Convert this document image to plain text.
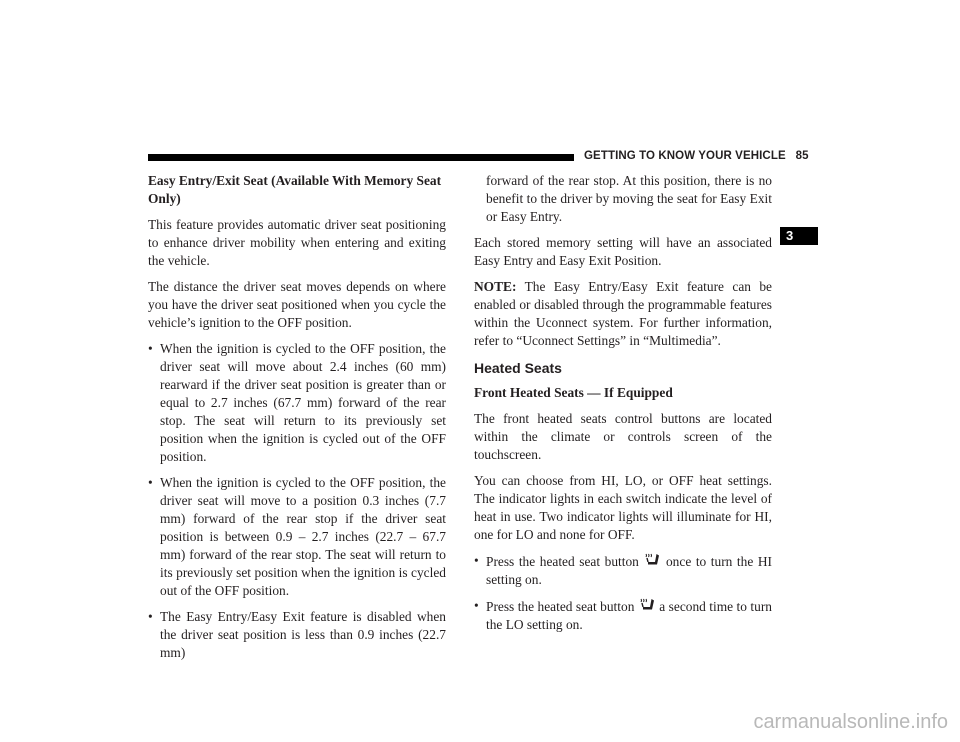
GETTING TO KNOW YOUR VEHICLE 85
3
Easy Entry/Exit Seat (Available With Memory Seat Only)

This feature provides automatic driver seat positioning to enhance driver mobility when entering and exiting the vehicle.

The distance the driver seat moves depends on where you have the driver seat positioned when you cycle the vehicle’s ignition to the OFF position.

• When the ignition is cycled to the OFF position, the driver seat will move about 2.4 inches (60 mm) rearward if the driver seat position is greater than or equal to 2.7 inches (67.7 mm) forward of the rear stop. The seat will return to its previously set position when the ignition is cycled out of the OFF position.
• When the ignition is cycled to the OFF position, the driver seat will move to a position 0.3 inches (7.7 mm) forward of the rear stop if the driver seat position is between 0.9 – 2.7 inches (22.7 – 67.7 mm) forward of the rear stop. The seat will return to its previously set position when the ignition is cycled out of the OFF position.
• The Easy Entry/Easy Exit feature is disabled when the driver seat position is less than 0.9 inches (22.7 mm)

forward of the rear stop. At this position, there is no benefit to the driver by moving the seat for Easy Exit or Easy Entry.

Each stored memory setting will have an associated Easy Entry and Easy Exit Position.

NOTE: The Easy Entry/Easy Exit feature can be enabled or disabled through the programmable features within the Uconnect system. For further information, refer to “Uconnect Settings” in “Multimedia”.

Heated Seats
Front Heated Seats — If Equipped

The front heated seats control buttons are located within the climate or controls screen of the touchscreen.

You can choose from HI, LO, or OFF heat settings. The indicator lights in each switch indicate the level of heat in use. Two indicator lights will illuminate for HI, one for LO and none for OFF.

• Press the heated seat button once to turn the HI setting on.
• Press the heated seat button a second time to turn the LO setting on.
carmanualsonline.info
